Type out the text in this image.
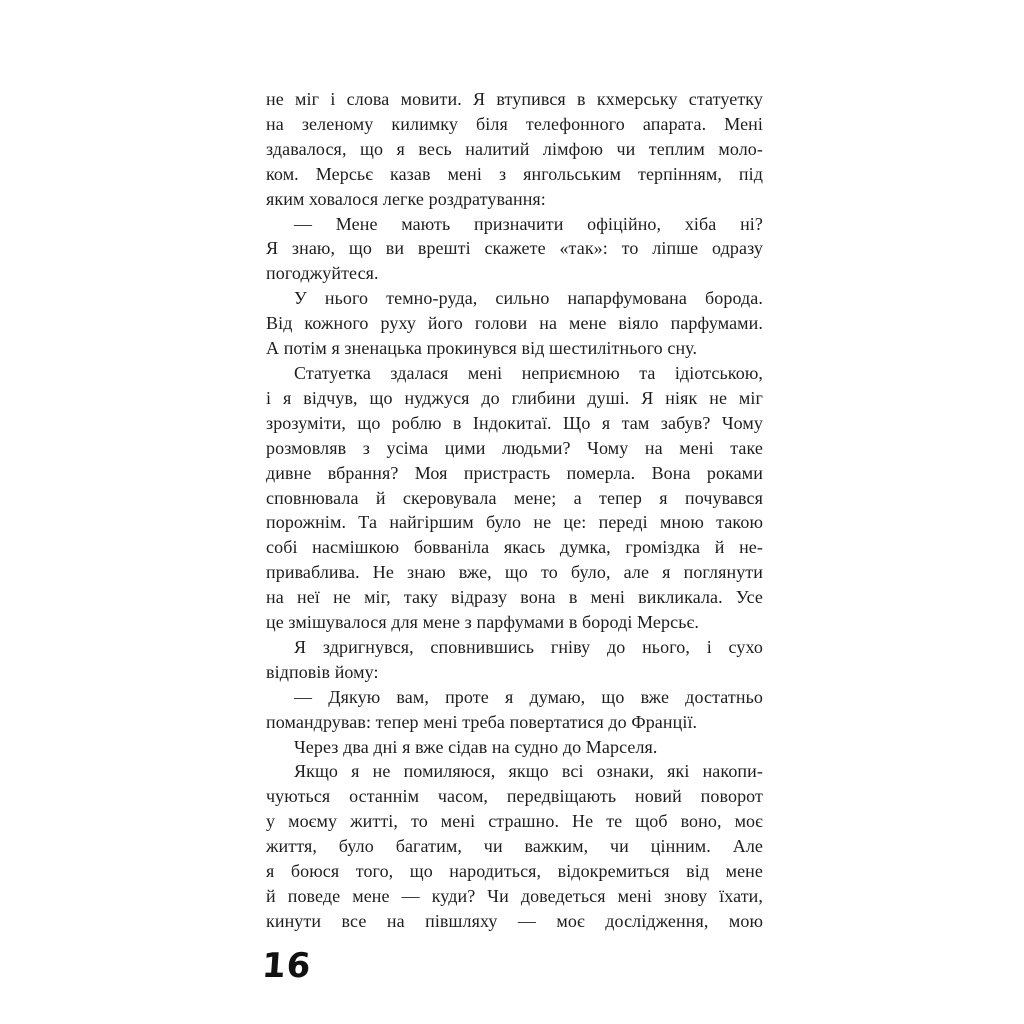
не міг і слова мовити. Я втупився в кхмерську статуетку
на зеленому килимку біля телефонного апарата. Мені
здавалося, що я весь налитий лімфою чи теплим моло-
ком. Мерсьє казав мені з янгольським терпінням, під
яким ховалося легке роздратування:
— Мене мають призначити офіційно, хіба ні?
Я знаю, що ви врешті скажете «так»: то ліпше одразу
погоджуйтеся.
У нього темно-руда, сильно напарфумована борода.
Від кожного руху його голови на мене віяло парфумами.
А потім я зненацька прокинувся від шестилітнього сну.
Статуетка здалася мені неприємною та ідіотською,
і я відчув, що нуджуся до глибини душі. Я ніяк не міг
зрозуміти, що роблю в Індокитаї. Що я там забув? Чому
розмовляв з усіма цими людьми? Чому на мені таке
дивне вбрання? Моя пристрасть померла. Вона роками
сповнювала й скеровувала мене; а тепер я почувався
порожнім. Та найгіршим було не це: переді мною такою
собі насмішкою бовваніла якась думка, громіздка й не-
приваблива. Не знаю вже, що то було, але я поглянути
на неї не міг, таку відразу вона в мені викликала. Усе
це змішувалося для мене з парфумами в бороді Мерсьє.
Я здригнувся, сповнившись гніву до нього, і сухо
відповів йому:
— Дякую вам, проте я думаю, що вже достатньо
помандрував: тепер мені треба повертатися до Франції.
Через два дні я вже сідав на судно до Марселя.
Якщо я не помиляюся, якщо всі ознаки, які накопи-
чуються останнім часом, передвіщають новий поворот
у моєму житті, то мені страшно. Не те щоб воно, моє
життя, було багатим, чи важким, чи цінним. Але
я боюся того, що народиться, відокремиться від мене
й поведе мене — куди? Чи доведеться мені знову їхати,
кинути все на півшляху — моє дослідження, мою
16
